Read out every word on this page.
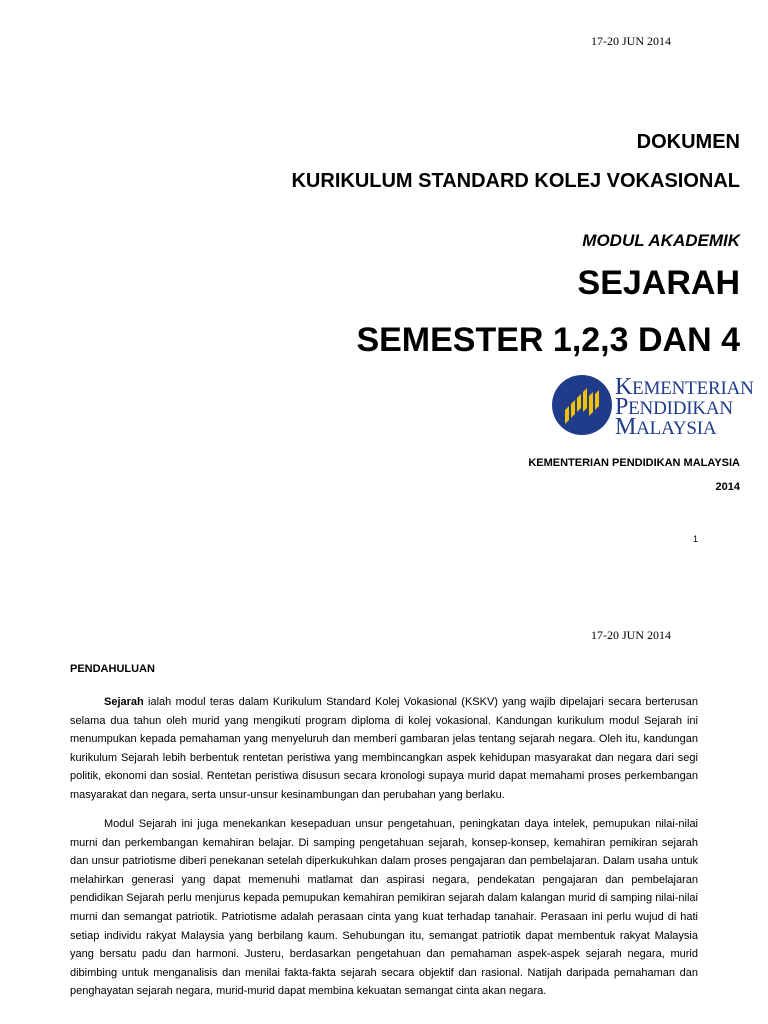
17-20 JUN 2014
DOKUMEN
KURIKULUM STANDARD KOLEJ VOKASIONAL
MODUL AKADEMIK
SEJARAH
SEMESTER 1,2,3 DAN 4
KEMENTERIAN
PENDIDIKAN
MALAYSIA
KEMENTERIAN PENDIDIKAN MALAYSIA
2014
1
17-20 JUN 2014
PENDAHULUAN
Sejarah ialah modul teras dalam Kurikulum Standard Kolej Vokasional (KSKV) yang wajib dipelajari secara berterusan selama dua tahun oleh murid yang mengikuti program diploma di kolej vokasional. Kandungan kurikulum modul Sejarah ini menumpukan kepada pemahaman yang menyeluruh dan memberi gambaran jelas tentang sejarah negara. Oleh itu, kandungan kurikulum Sejarah lebih berbentuk rentetan peristiwa yang membincangkan aspek kehidupan masyarakat dan negara dari segi politik, ekonomi dan sosial. Rentetan peristiwa disusun secara kronologi supaya murid dapat memahami proses perkembangan masyarakat dan negara, serta unsur-unsur kesinambungan dan perubahan yang berlaku.
Modul Sejarah ini juga menekankan kesepaduan unsur pengetahuan, peningkatan daya intelek, pemupukan nilai-nilai murni dan perkembangan kemahiran belajar. Di samping pengetahuan sejarah, konsep-konsep, kemahiran pemikiran sejarah dan unsur patriotisme diberi penekanan setelah diperkukuhkan dalam proses pengajaran dan pembelajaran. Dalam usaha untuk melahirkan generasi yang dapat memenuhi matlamat dan aspirasi negara, pendekatan pengajaran dan pembelajaran pendidikan Sejarah perlu menjurus kepada pemupukan kemahiran pemikiran sejarah dalam kalangan murid di samping nilai-nilai murni dan semangat patriotik. Patriotisme adalah perasaan cinta yang kuat terhadap tanahair. Perasaan ini perlu wujud di hati setiap individu rakyat Malaysia yang berbilang kaum. Sehubungan itu, semangat patriotik dapat membentuk rakyat Malaysia yang bersatu padu dan harmoni. Justeru, berdasarkan pengetahuan dan pemahaman aspek-aspek sejarah negara, murid dibimbing untuk menganalisis dan menilai fakta-fakta sejarah secara objektif dan rasional. Natijah daripada pemahaman dan penghayatan sejarah negara, murid-murid dapat membina kekuatan semangat cinta akan negara.
